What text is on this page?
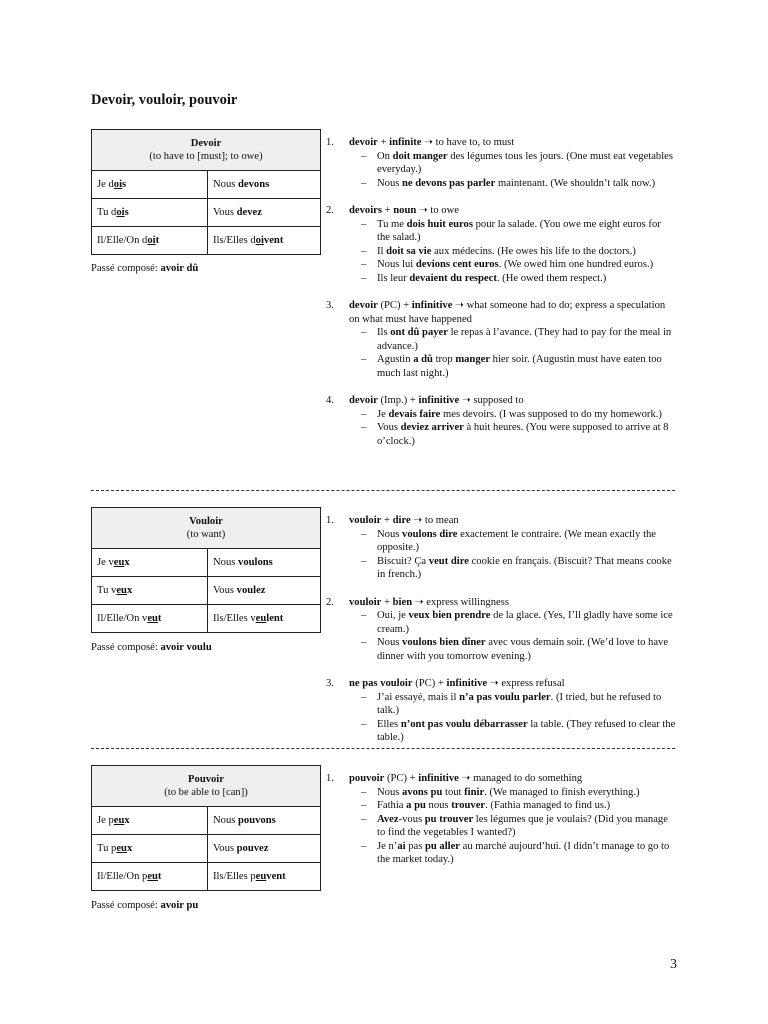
Devoir, vouloir, pouvoir
Devoir
(to have to [must]; to owe)	
Je dois	Nous devons
Tu dois	Vous devez
Il/Elle/On doit	Ils/Elles doivent
Passé composé: avoir dû
1. devoir + infinite ➝ to have to, to must
– On doit manger des légumes tous les jours. (One must eat vegetables everyday.)
– Nous ne devons pas parler maintenant. (We shouldn’t talk now.)
2. devoirs + noun ➝ to owe
– Tu me dois huit euros pour la salade. (You owe me eight euros for the salad.)
– Il doit sa vie aux médecins. (He owes his life to the doctors.)
– Nous lui devions cent euros. (We owed him one hundred euros.)
– Ils leur devaient du respect. (He owed them respect.)
3. devoir (PC) + infinitive ➝ what someone had to do; express a speculation on what must have happened
– Ils ont dû payer le repas à l’avance. (They had to pay for the meal in advance.)
– Agustin a dû trop manger hier soir. (Augustin must have eaten too much last night.)
4. devoir (Imp.) + infinitive ➝ supposed to
– Je devais faire mes devoirs. (I was supposed to do my homework.)
– Vous deviez arriver à huit heures. (You were supposed to arrive at 8 o’clock.)
Vouloir
(to want)	
Je veux	Nous voulons
Tu veux	Vous voulez
Il/Elle/On veut	Ils/Elles veulent
Passé composé: avoir voulu
1. vouloir + dire ➝ to mean
– Nous voulons dire exactement le contraire. (We mean exactly the opposite.)
– Biscuit? Ça veut dire cookie en français. (Biscuit? That means cooke in french.)
2. vouloir + bien ➝ express willingness
– Oui, je veux bien prendre de la glace. (Yes, I’ll gladly have some ice cream.)
– Nous voulons bien dîner avec vous demain soir. (We’d love to have dinner with you tomorrow evening.)
3. ne pas vouloir (PC) + infinitive ➝ express refusal
– J’ai essayé, mais il n’a pas voulu parler. (I tried, but he refused to talk.)
– Elles n’ont pas voulu débarrasser la table. (They refused to clear the table.)
Pouvoir
(to be able to [can])	
Je peux	Nous pouvons
Tu peux	Vous pouvez
Il/Elle/On peut	Ils/Elles peuvent
Passé composé: avoir pu
1. pouvoir (PC) + infinitive ➝ managed to do something
– Nous avons pu tout finir. (We managed to finish everything.)
– Fathia a pu nous trouver. (Fathia managed to find us.)
– Avez-vous pu trouver les légumes que je voulais? (Did you manage to find the vegetables I wanted?)
– Je n’ai pas pu aller au marché aujourd’hui. (I didn’t manage to go to the market today.)
3
